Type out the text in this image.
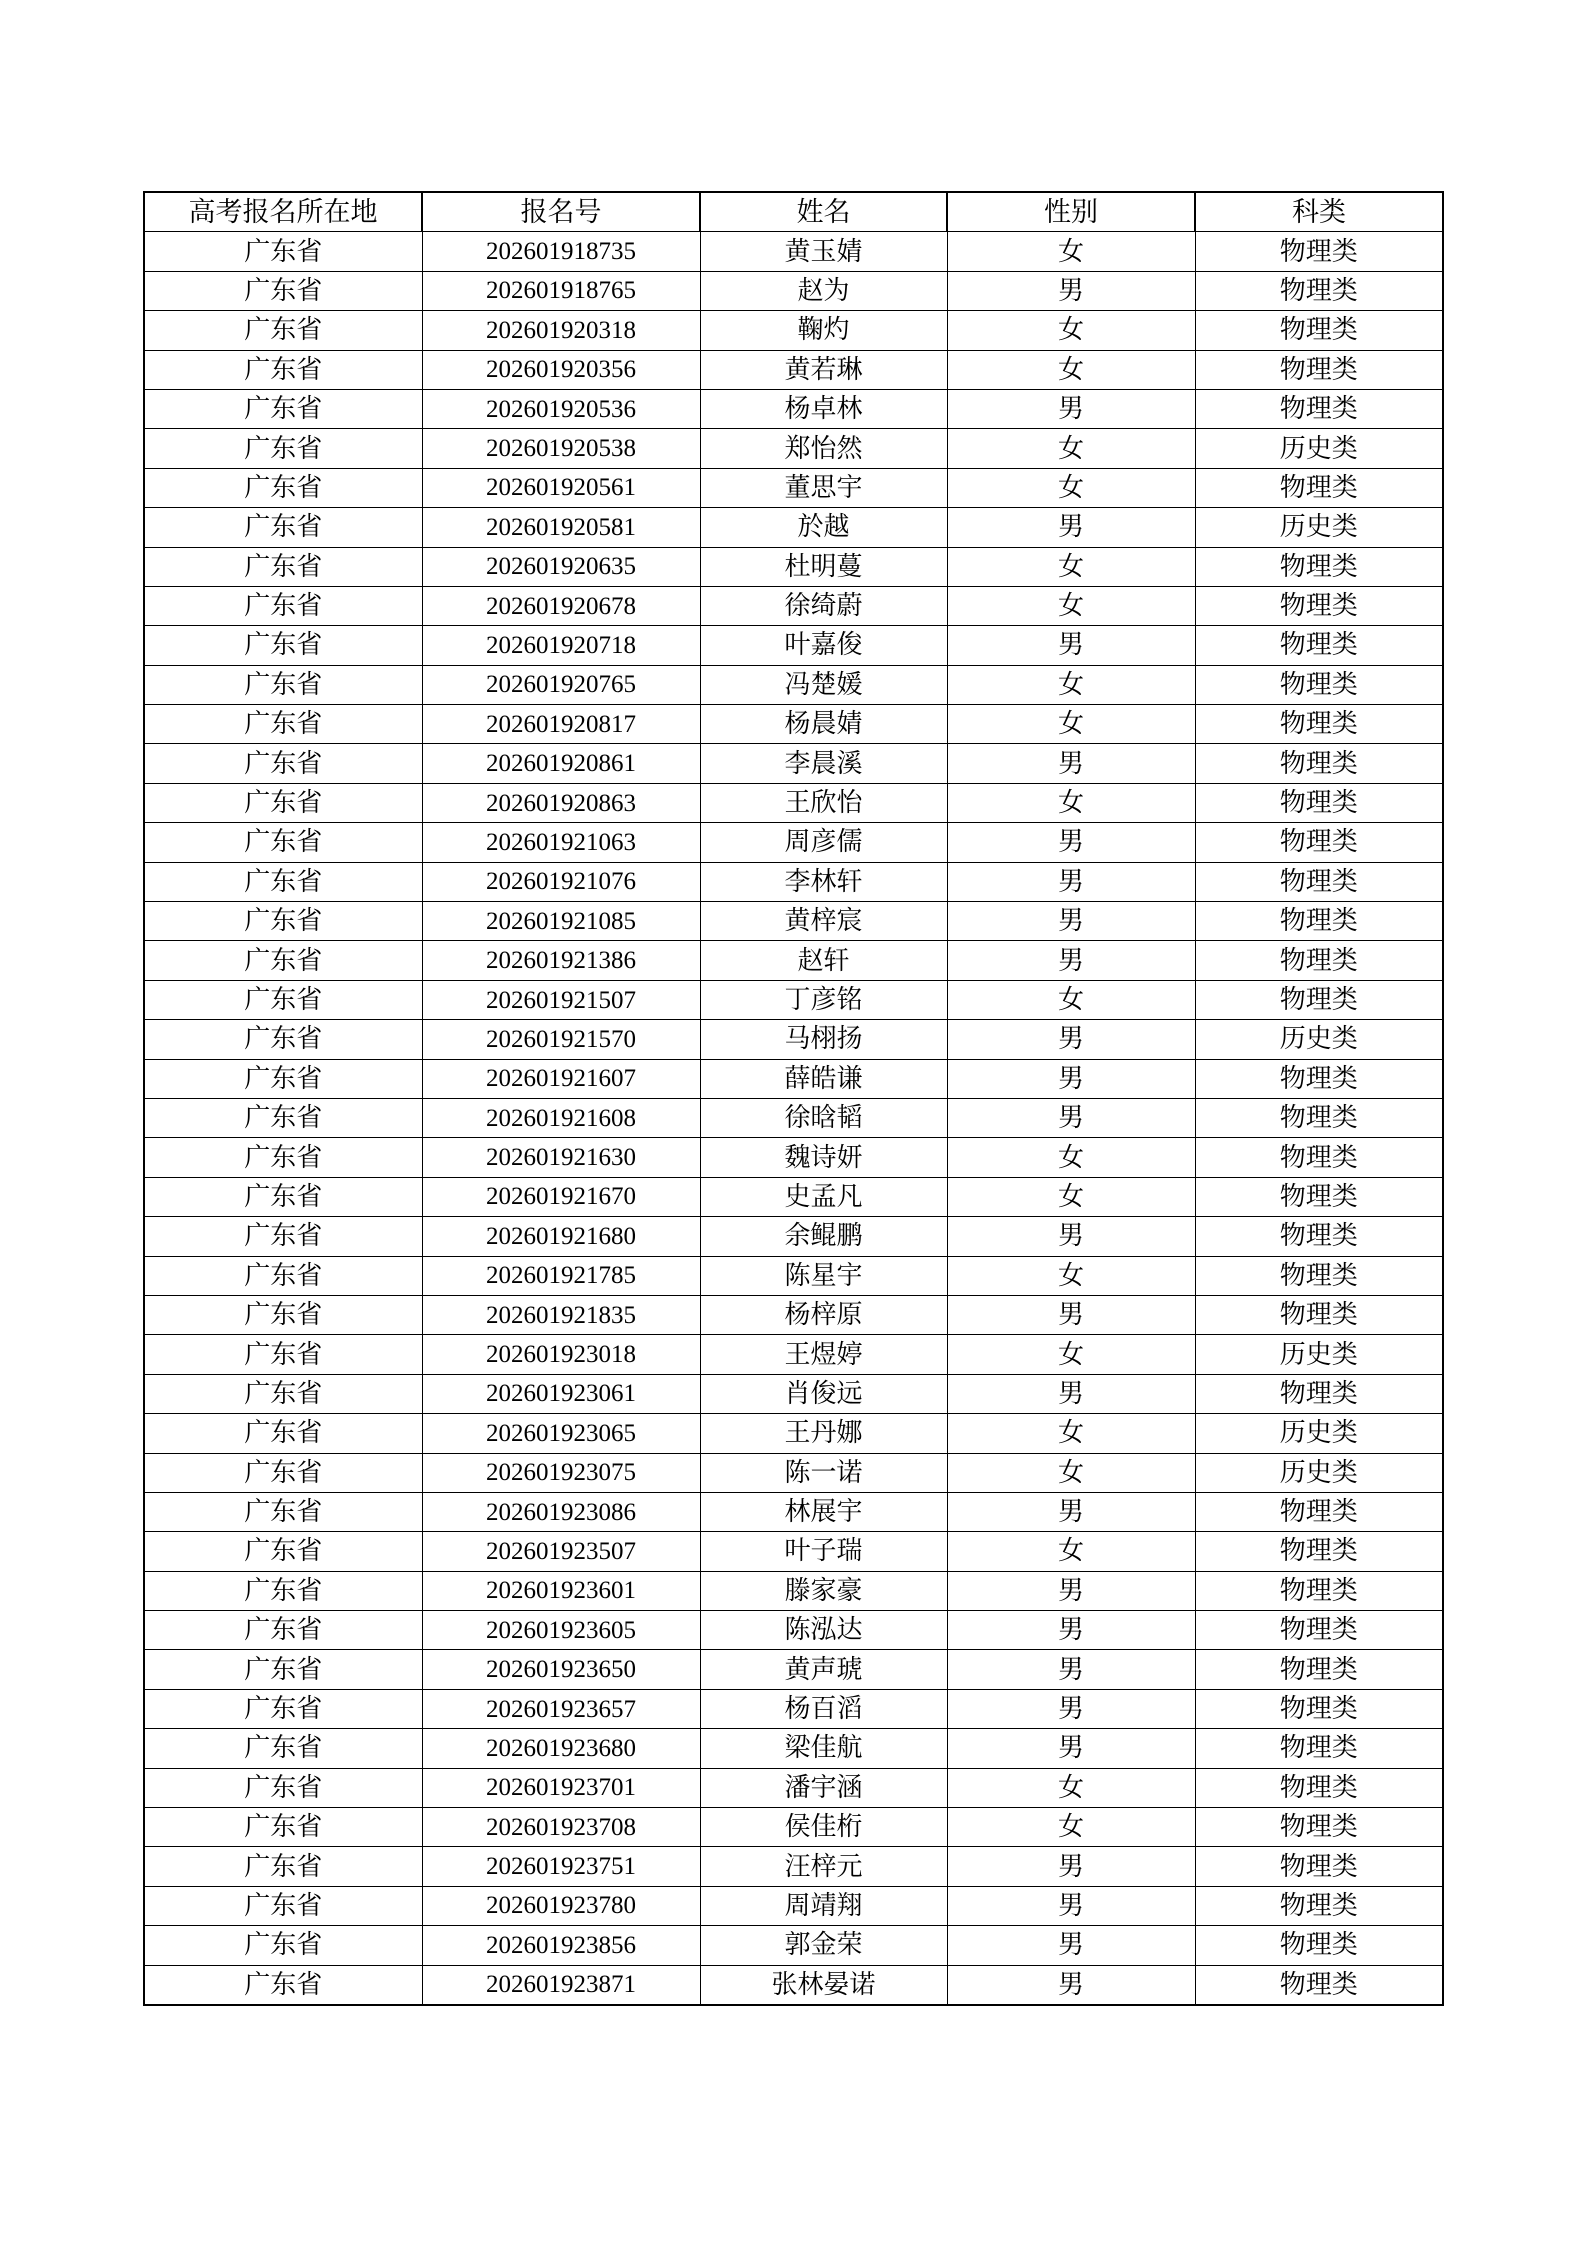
高考报名所在地	报名号	姓名	性别	科类
广东省	202601918735	黄玉婧	女	物理类
广东省	202601918765	赵为	男	物理类
广东省	202601920318	鞠灼	女	物理类
广东省	202601920356	黄若琳	女	物理类
广东省	202601920536	杨卓林	男	物理类
广东省	202601920538	郑怡然	女	历史类
广东省	202601920561	董思宇	女	物理类
广东省	202601920581	於越	男	历史类
广东省	202601920635	杜明蔓	女	物理类
广东省	202601920678	徐绮蔚	女	物理类
广东省	202601920718	叶嘉俊	男	物理类
广东省	202601920765	冯楚媛	女	物理类
广东省	202601920817	杨晨婧	女	物理类
广东省	202601920861	李晨溪	男	物理类
广东省	202601920863	王欣怡	女	物理类
广东省	202601921063	周彦儒	男	物理类
广东省	202601921076	李林轩	男	物理类
广东省	202601921085	黄梓宸	男	物理类
广东省	202601921386	赵轩	男	物理类
广东省	202601921507	丁彦铭	女	物理类
广东省	202601921570	马栩扬	男	历史类
广东省	202601921607	薛皓谦	男	物理类
广东省	202601921608	徐晗韬	男	物理类
广东省	202601921630	魏诗妍	女	物理类
广东省	202601921670	史孟凡	女	物理类
广东省	202601921680	余鲲鹏	男	物理类
广东省	202601921785	陈星宇	女	物理类
广东省	202601921835	杨梓原	男	物理类
广东省	202601923018	王煜婷	女	历史类
广东省	202601923061	肖俊远	男	物理类
广东省	202601923065	王丹娜	女	历史类
广东省	202601923075	陈一诺	女	历史类
广东省	202601923086	林展宇	男	物理类
广东省	202601923507	叶子瑞	女	物理类
广东省	202601923601	滕家豪	男	物理类
广东省	202601923605	陈泓达	男	物理类
广东省	202601923650	黄声琥	男	物理类
广东省	202601923657	杨百滔	男	物理类
广东省	202601923680	梁佳航	男	物理类
广东省	202601923701	潘宇涵	女	物理类
广东省	202601923708	侯佳桁	女	物理类
广东省	202601923751	汪梓元	男	物理类
广东省	202601923780	周靖翔	男	物理类
广东省	202601923856	郭金荣	男	物理类
广东省	202601923871	张林晏诺	男	物理类
